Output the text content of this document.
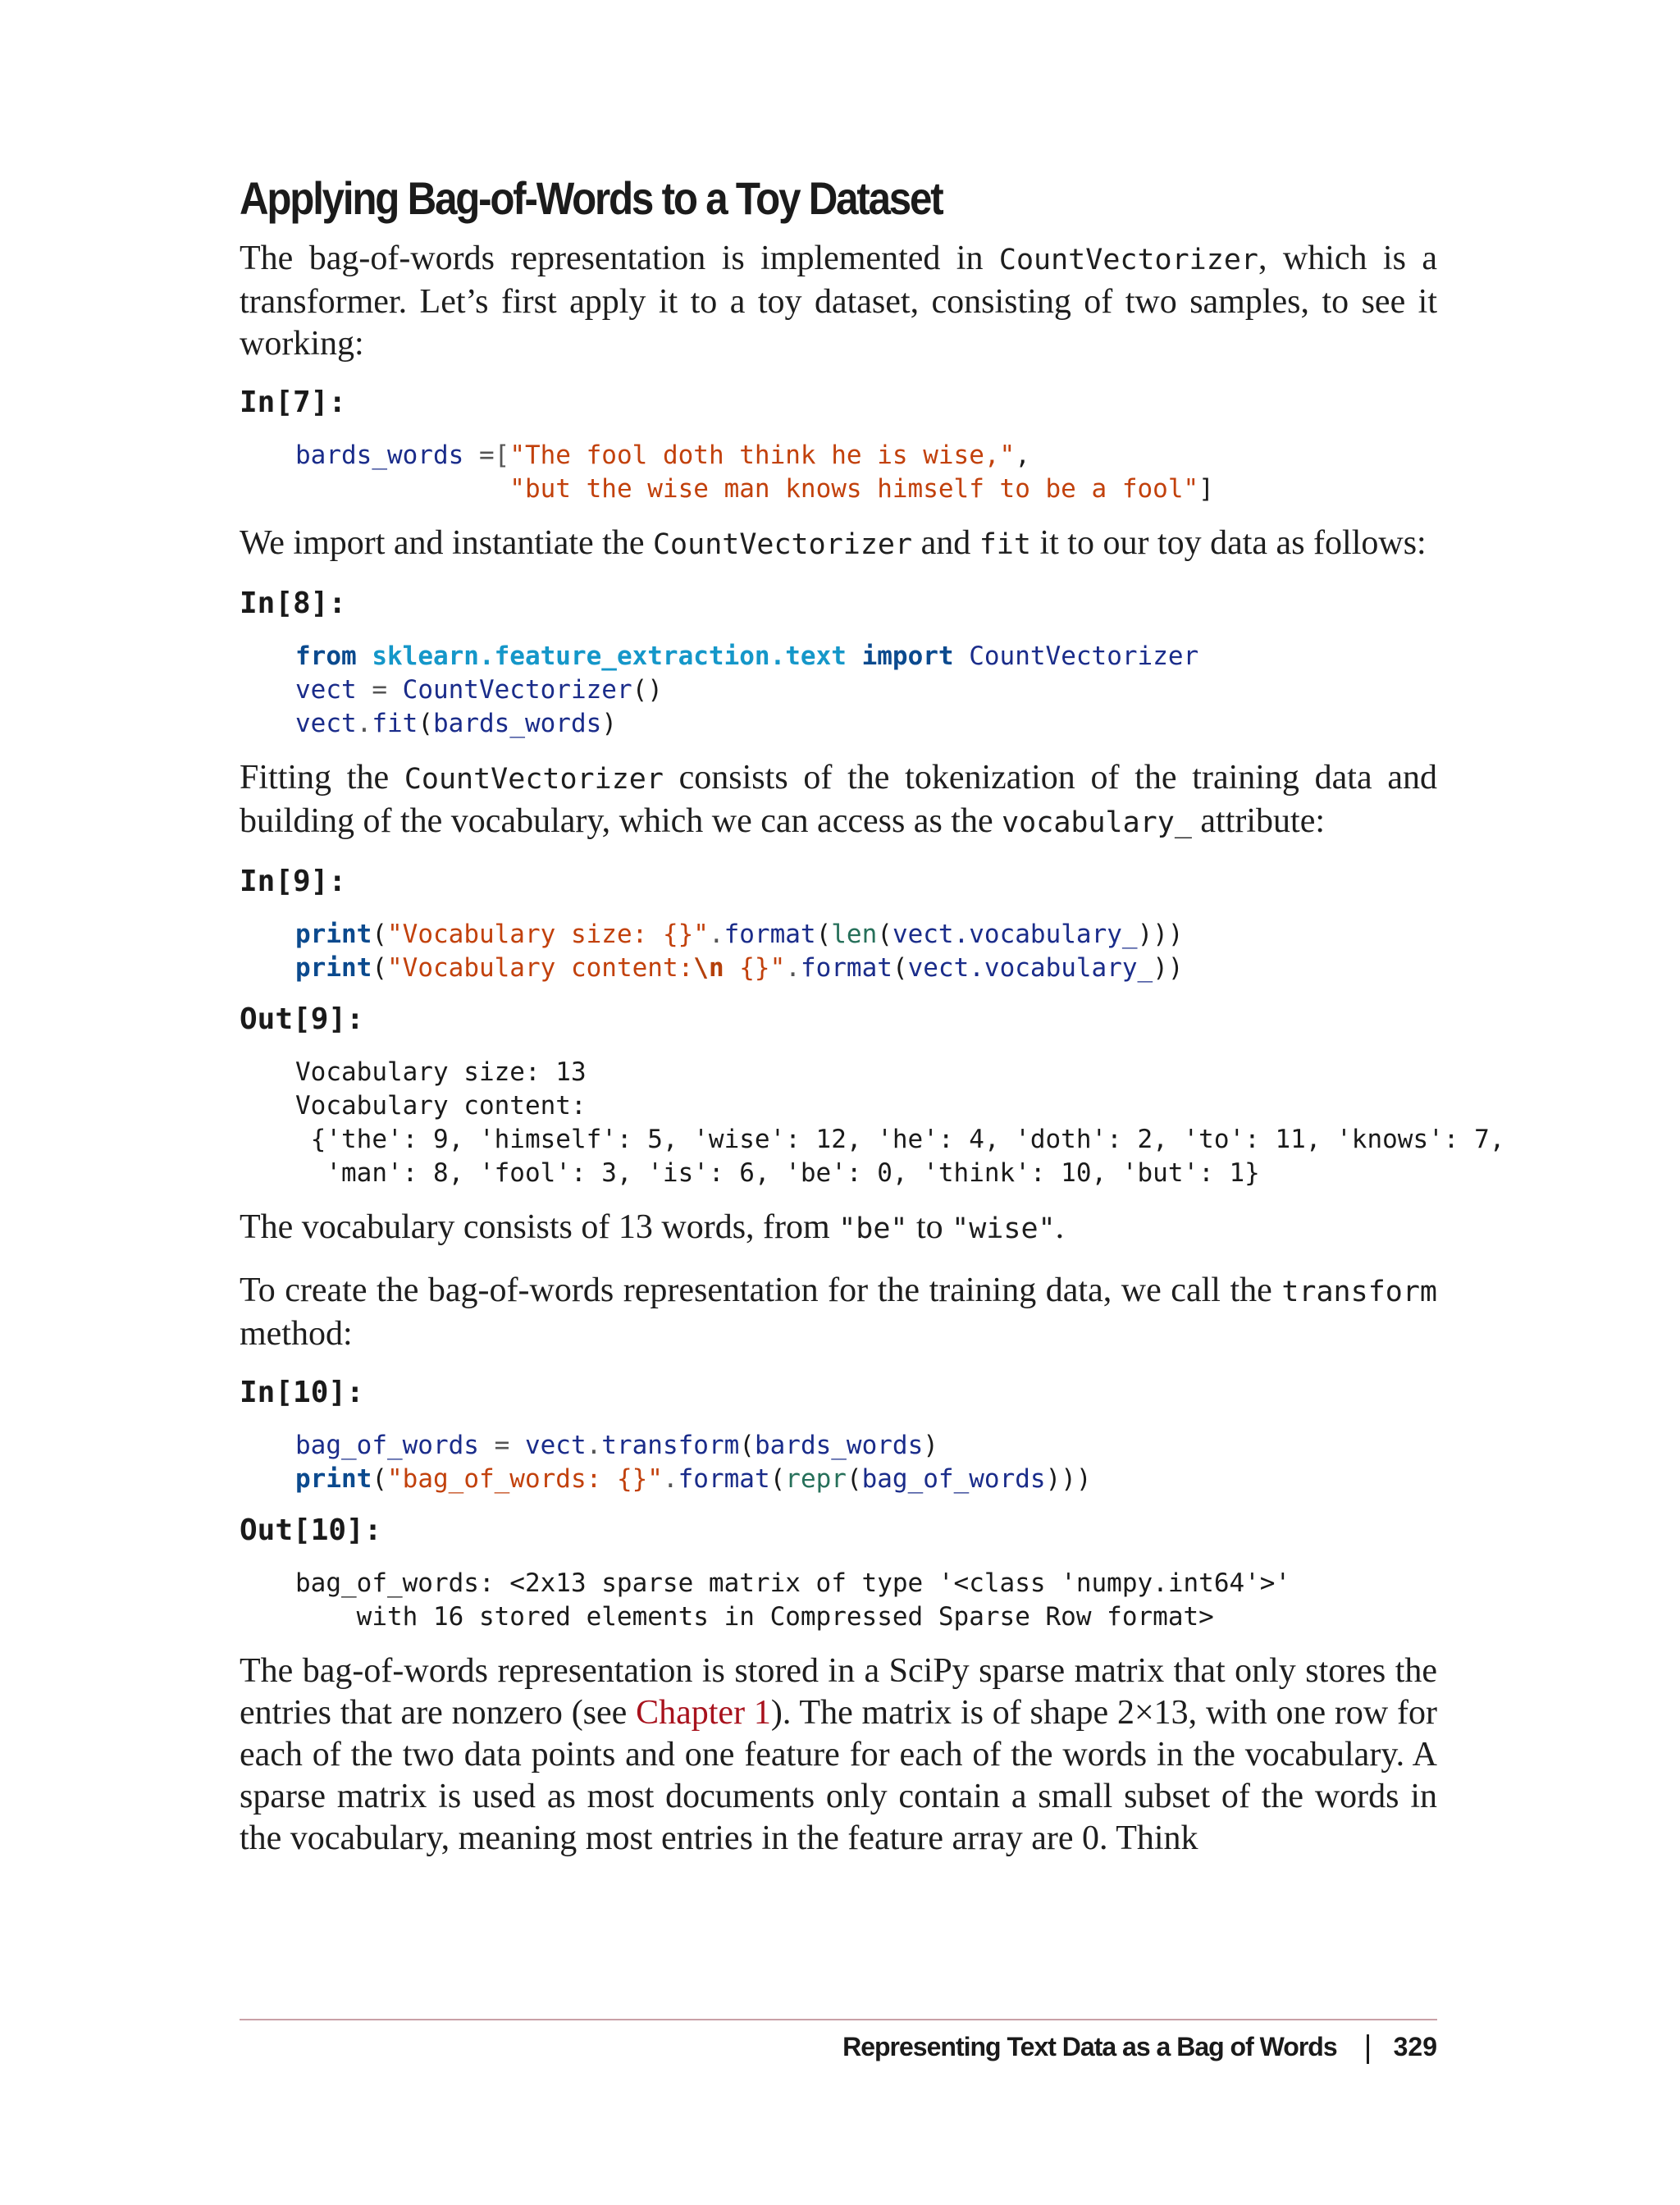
Applying Bag-of-Words to a Toy Dataset

The bag-of-words representation is implemented in CountVectorizer, which is a transformer. Let’s first apply it to a toy dataset, consisting of two samples, to see it working:

In[7]:
bards_words =["The fool doth think he is wise,",
"but the wise man knows himself to be a fool"]

We import and instantiate the CountVectorizer and fit it to our toy data as follows:

In[8]:
from sklearn.feature_extraction.text import CountVectorizer
vect = CountVectorizer()
vect.fit(bards_words)

Fitting the CountVectorizer consists of the tokenization of the training data and building of the vocabulary, which we can access as the vocabulary_ attribute:

In[9]:
print("Vocabulary size: {}".format(len(vect.vocabulary_)))
print("Vocabulary content:\n {}".format(vect.vocabulary_))
Out[9]:
Vocabulary size: 13
Vocabulary content:
{'the': 9, 'himself': 5, 'wise': 12, 'he': 4, 'doth': 2, 'to': 11, 'knows': 7,
'man': 8, 'fool': 3, 'is': 6, 'be': 0, 'think': 10, 'but': 1}

The vocabulary consists of 13 words, from "be" to "wise".

To create the bag-of-words representation for the training data, we call the transform method:

In[10]:
bag_of_words = vect.transform(bards_words)
print("bag_of_words: {}".format(repr(bag_of_words)))
Out[10]:
bag_of_words: <2x13 sparse matrix of type '<class 'numpy.int64'>'
with 16 stored elements in Compressed Sparse Row format>

The bag-of-words representation is stored in a SciPy sparse matrix that only stores the entries that are nonzero (see Chapter 1). The matrix is of shape 2×13, with one row for each of the two data points and one feature for each of the words in the vocabulary. A sparse matrix is used as most documents only contain a small subset of the words in the vocabulary, meaning most entries in the feature array are 0. Think

Representing Text Data as a Bag of Words 329
